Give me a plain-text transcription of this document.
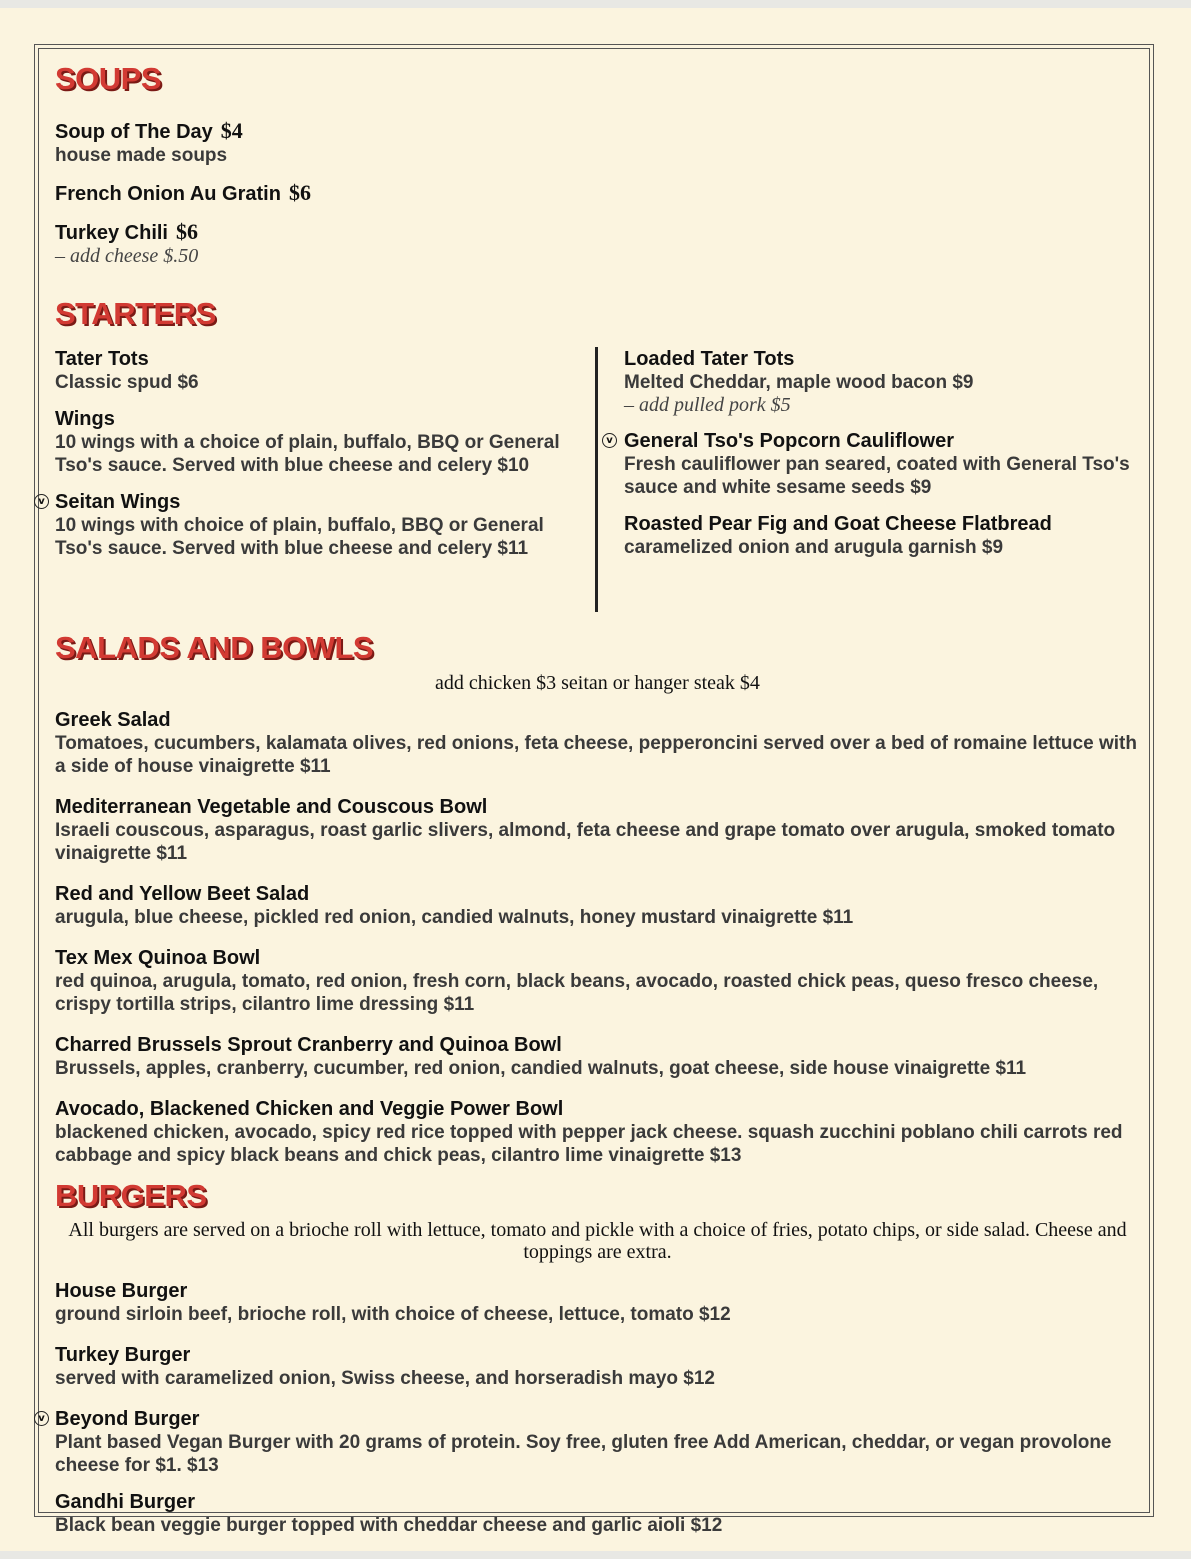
SOUPS
Soup of The Day $4
house made soups
French Onion Au Gratin $6
Turkey Chili $6
– add cheese $.50
STARTERS
Tater Tots
Classic spud $6
Wings
10 wings with a choice of plain, buffalo, BBQ or General Tso's sauce. Served with blue cheese and celery $10
v Seitan Wings
10 wings with choice of plain, buffalo, BBQ or General Tso's sauce. Served with blue cheese and celery $11
Loaded Tater Tots
Melted Cheddar, maple wood bacon $9
– add pulled pork $5
v General Tso's Popcorn Cauliflower
Fresh cauliflower pan seared, coated with General Tso's sauce and white sesame seeds $9
Roasted Pear Fig and Goat Cheese Flatbread
caramelized onion and arugula garnish $9
SALADS AND BOWLS
add chicken $3 seitan or hanger steak $4
Greek Salad
Tomatoes, cucumbers, kalamata olives, red onions, feta cheese, pepperoncini served over a bed of romaine lettuce with a side of house vinaigrette $11
Mediterranean Vegetable and Couscous Bowl
Israeli couscous, asparagus, roast garlic slivers, almond, feta cheese and grape tomato over arugula, smoked tomato vinaigrette $11
Red and Yellow Beet Salad
arugula, blue cheese, pickled red onion, candied walnuts, honey mustard vinaigrette $11
Tex Mex Quinoa Bowl
red quinoa, arugula, tomato, red onion, fresh corn, black beans, avocado, roasted chick peas, queso fresco cheese, crispy tortilla strips, cilantro lime dressing $11
Charred Brussels Sprout Cranberry and Quinoa Bowl
Brussels, apples, cranberry, cucumber, red onion, candied walnuts, goat cheese, side house vinaigrette $11
Avocado, Blackened Chicken and Veggie Power Bowl
blackened chicken, avocado, spicy red rice topped with pepper jack cheese. squash zucchini poblano chili carrots red cabbage and spicy black beans and chick peas, cilantro lime vinaigrette $13
BURGERS
All burgers are served on a brioche roll with lettuce, tomato and pickle with a choice of fries, potato chips, or side salad. Cheese and toppings are extra.
House Burger
ground sirloin beef, brioche roll, with choice of cheese, lettuce, tomato $12
Turkey Burger
served with caramelized onion, Swiss cheese, and horseradish mayo $12
v Beyond Burger
Plant based Vegan Burger with 20 grams of protein. Soy free, gluten free Add American, cheddar, or vegan provolone cheese for $1. $13
Gandhi Burger
Black bean veggie burger topped with cheddar cheese and garlic aioli $12
